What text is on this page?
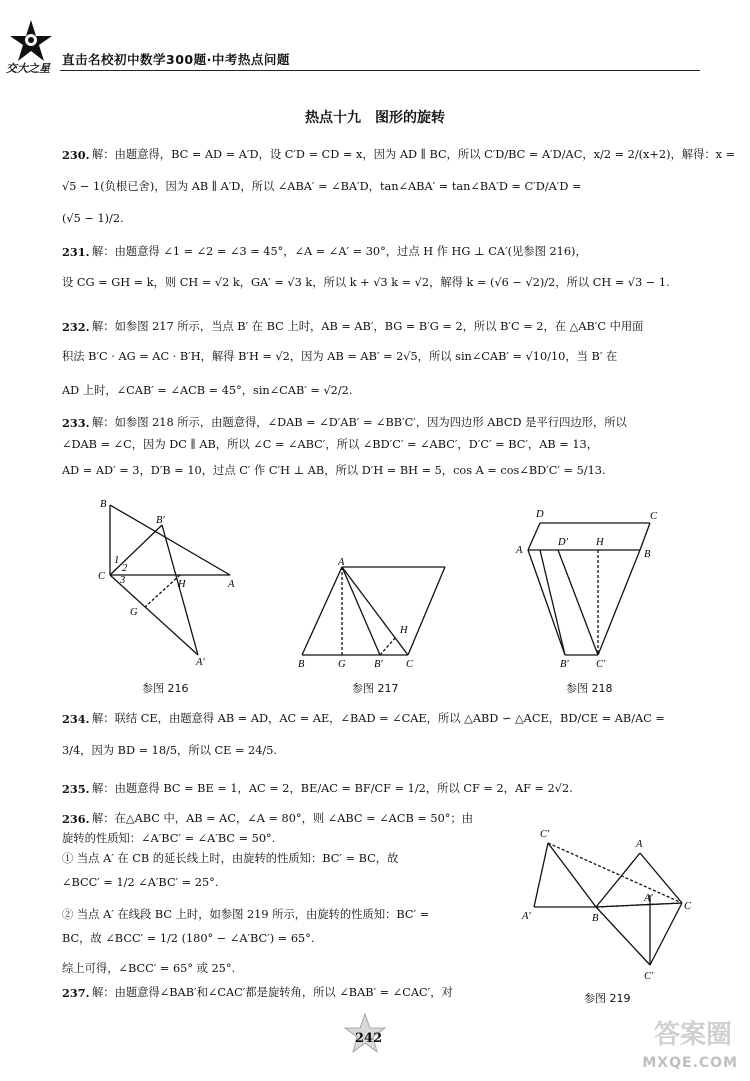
交大之星
直击名校初中数学300题·中考热点问题
热点十九　图形的旋转
230. 解：由题意得，BC = AD = A′D，设 C′D = CD = x，因为 AD ∥ BC，所以 C′D/BC = A′D/AC，x/2 = 2/(x+2)，解得：x =
√5 − 1(负根已舍)，因为 AB ∥ A′D，所以 ∠ABA′ = ∠BA′D，tan∠ABA′ = tan∠BA′D = C′D/A′D =
(√5 − 1)/2.
231. 解：由题意得 ∠1 = ∠2 = ∠3 = 45°，∠A = ∠A′ = 30°，过点 H 作 HG ⊥ CA′(见参图 216)，
设 CG = GH = k，则 CH = √2 k，GA′ = √3 k，所以 k + √3 k = √2，解得 k = (√6 − √2)/2，所以 CH = √3 − 1.
232. 解：如参图 217 所示，当点 B′ 在 BC 上时，AB = AB′，BG = B′G = 2，所以 B′C = 2，在 △AB′C 中用面
积法 B′C · AG = AC · B′H，解得 B′H = √2，因为 AB = AB′ = 2√5，所以 sin∠CAB′ = √10/10，当 B′ 在
AD 上时，∠CAB′ = ∠ACB = 45°，sin∠CAB′ = √2/2.
233. 解：如参图 218 所示，由题意得，∠DAB = ∠D′AB′ = ∠BB′C′，因为四边形 ABCD 是平行四边形，所以
∠DAB = ∠C，因为 DC ∥ AB，所以 ∠C = ∠ABC′，所以 ∠BD′C′ = ∠ABC′，D′C′ = BC′，AB = 13，
AD = AD′ = 3，D′B = 10，过点 C′ 作 C′H ⊥ AB，所以 D′H = BH = 5，cos A = cos∠BD′C′ = 5/13.
B
B′
1
2
3
C
H	A
G
A′
参图 216
A
H
B	G	B′ C
参图 217
D	C
A
D′	H
B
B′	C′
参图 218
234. 解：联结 CE，由题意得 AB = AD，AC = AE，∠BAD = ∠CAE，所以 △ABD ∽ △ACE，BD/CE = AB/AC =
3/4，因为 BD = 18/5，所以 CE = 24/5.
235. 解：由题意得 BC = BE = 1，AC = 2，BE/AC = BF/CF = 1/2，所以 CF = 2，AF = 2√2.
236. 解：在△ABC 中，AB = AC，∠A = 80°，则 ∠ABC = ∠ACB = 50°；由
旋转的性质知：∠A′BC′ = ∠A′BC = 50°.
① 当点 A′ 在 CB 的延长线上时，由旋转的性质知：BC′ = BC，故
∠BCC′ = 1/2 ∠A′BC′ = 25°.
② 当点 A′ 在线段 BC 上时，如参图 219 所示，由旋转的性质知：BC′ =
BC，故 ∠BCC′ = 1/2 (180° − ∠A′BC′) = 65°.
综上可得，∠BCC′ = 65° 或 25°.
C′
A
A′	B
A′
C
C′
参图 219
237. 解：由题意得∠BAB′和∠CAC′都是旋转角，所以 ∠BAB′ = ∠CAC′，对
242	答案圈
MXQE.COM
